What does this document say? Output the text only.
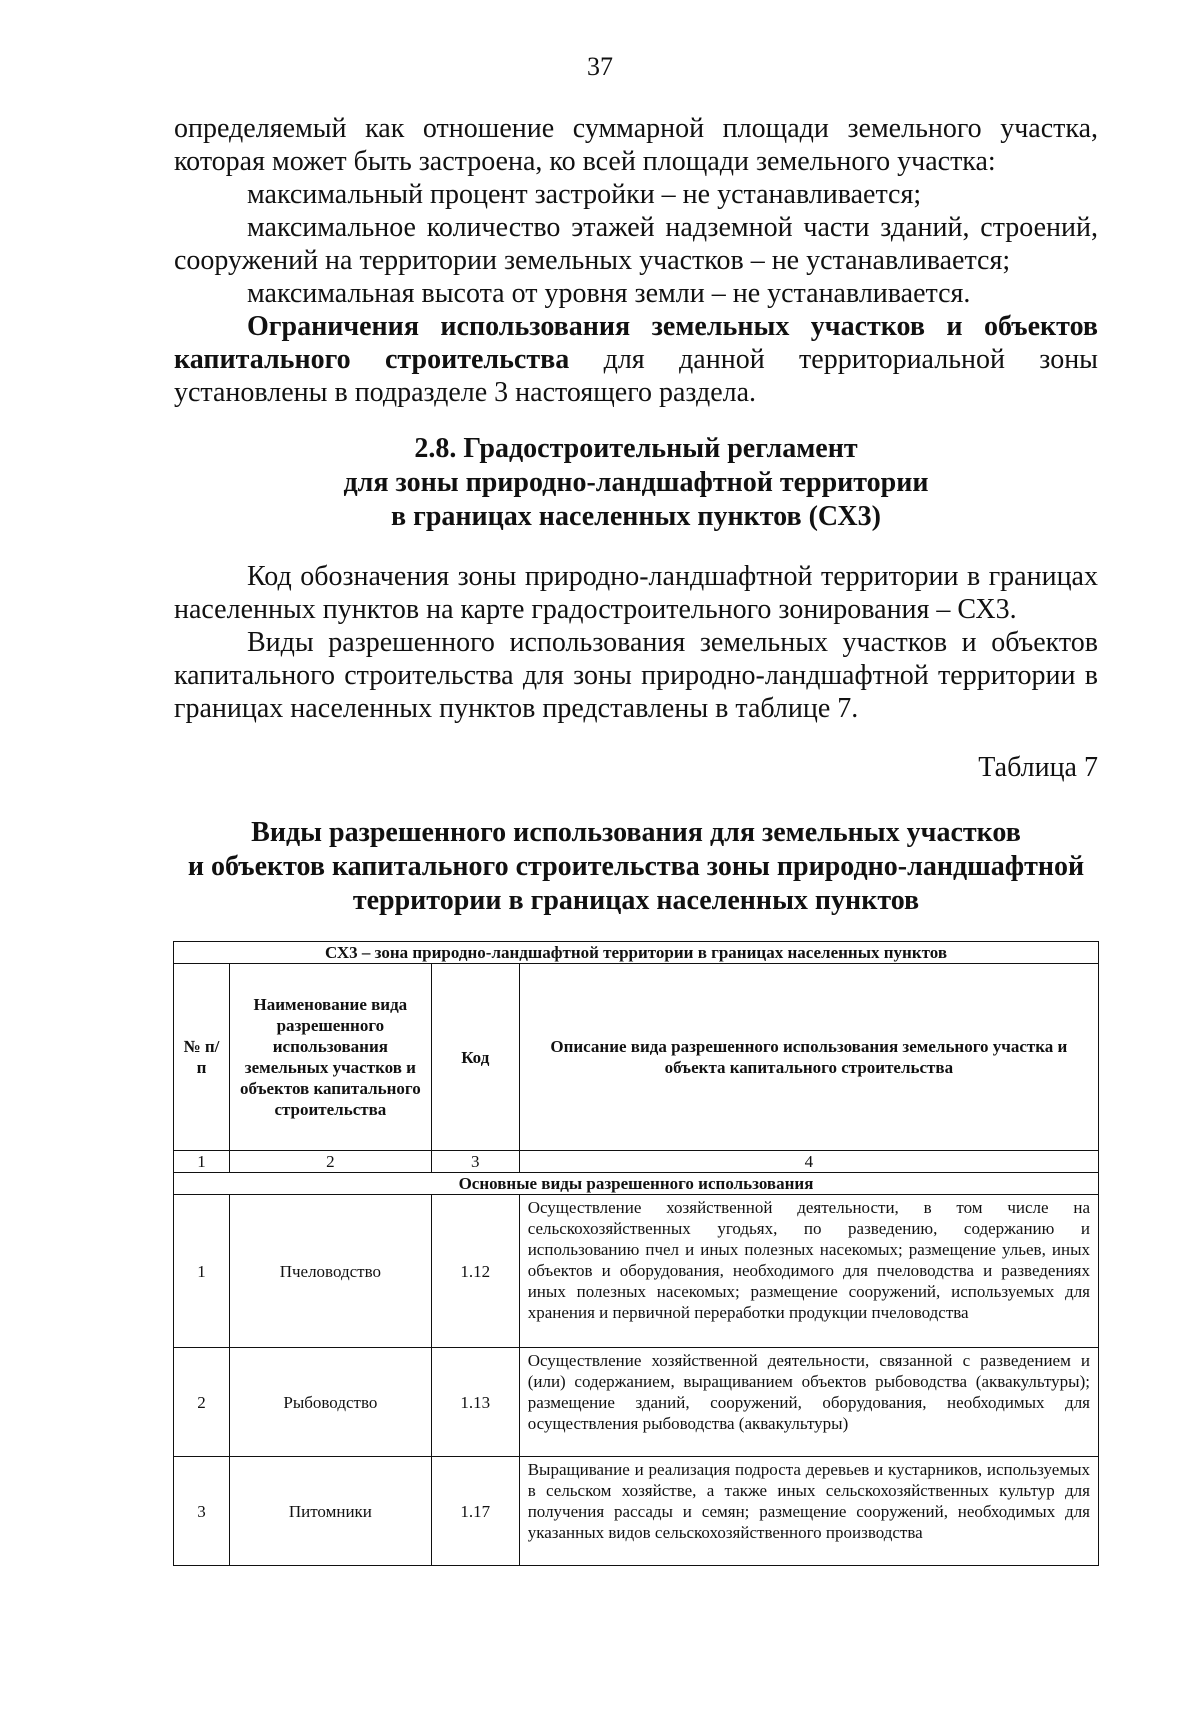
37

определяемый как отношение суммарной площади земельного участка, которая может быть застроена, ко всей площади земельного участка:

максимальный процент застройки – не устанавливается;

максимальное количество этажей надземной части зданий, строений, сооружений на территории земельных участков – не устанавливается;

максимальная высота от уровня земли – не устанавливается.

Ограничения использования земельных участков и объектов капитального строительства для данной территориальной зоны установлены в подразделе 3 настоящего раздела.

2.8. Градостроительный регламент
для зоны природно-ландшафтной территории
в границах населенных пунктов (СХ3)

Код обозначения зоны природно-ландшафтной территории в границах населенных пунктов на карте градостроительного зонирования – СХ3.

Виды разрешенного использования земельных участков и объектов капитального строительства для зоны природно-ландшафтной территории в границах населенных пунктов представлены в таблице 7.

Таблица 7
Виды разрешенного использования для земельных участков
и объектов капитального строительства зоны природно-ландшафтной
территории в границах населенных пунктов
СХ3 – зона природно-ландшафтной территории в границах населенных пунктов			
№ п/п	Наименование вида разрешенного использования земельных участков и объектов капитального строительства	Код	Описание вида разрешенного использования земельного участка и объекта капитального строительства
1	2	3	4
Основные виды разрешенного использования			
1	Пчеловодство	1.12	Осуществление хозяйственной деятельности, в том числе на сельскохозяйственных угодьях, по разведению, содержанию и использованию пчел и иных полезных насекомых; размещение ульев, иных объектов и оборудования, необходимого для пчеловодства и разведениях иных полезных насекомых; размещение сооружений, используемых для хранения и первичной переработки продукции пчеловодства
2	Рыбоводство	1.13	Осуществление хозяйственной деятельности, связанной с разведением и (или) содержанием, выращиванием объектов рыбоводства (аквакультуры); размещение зданий, сооружений, оборудования, необходимых для осуществления рыбоводства (аквакультуры)
3	Питомники	1.17	Выращивание и реализация подроста деревьев и кустарников, используемых в сельском хозяйстве, а также иных сельскохозяйственных культур для получения рассады и семян; размещение сооружений, необходимых для указанных видов сельскохозяйственного производства
